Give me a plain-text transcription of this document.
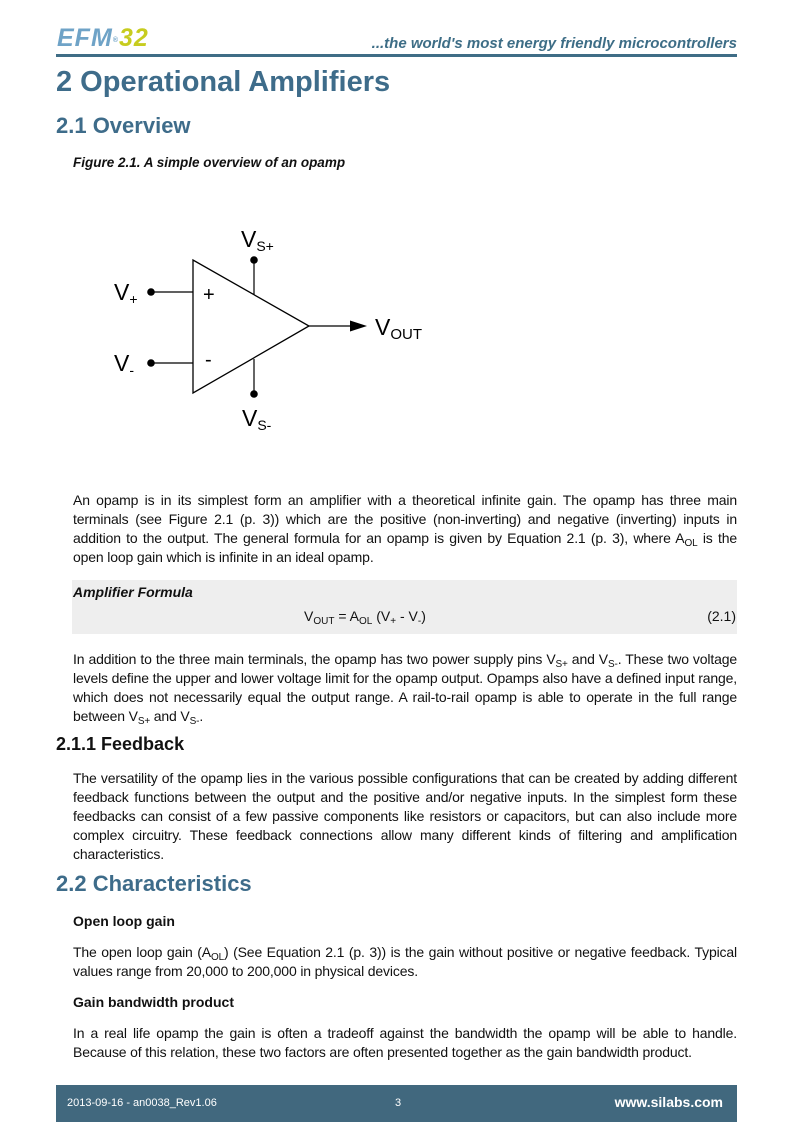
EFM®32	...the world's most energy friendly microcontrollers
2 Operational Amplifiers
2.1 Overview
Figure 2.1. A simple overview of an opamp
+
-
V+
V-
VS+
VS-
VOUT

An opamp is in its simplest form an amplifier with a theoretical infinite gain. The opamp has three main terminals (see Figure 2.1 (p. 3)) which are the positive (non-inverting) and negative (inverting) inputs in addition to the output. The general formula for an opamp is given by Equation 2.1 (p. 3), where $A_{OL}$ is the open loop gain which is infinite in an ideal opamp.

Amplifier Formula
$V_{OUT} = A_{OL}$ $(V_+ - V_-)$	(2.1)

In addition to the three main terminals, the opamp has two power supply pins $V_{S+}$ and $V_{S-}$. These two voltage levels define the upper and lower voltage limit for the opamp output. Opamps also have a defined input range, which does not necessarily equal the output range. A rail-to-rail opamp is able to operate in the full range between $V_{S+}$ and $V_{S-}$.

2.1.1 Feedback

The versatility of the opamp lies in the various possible configurations that can be created by adding different feedback functions between the output and the positive and/or negative inputs. In the simplest form these feedbacks can consist of a few passive components like resistors or capacitors, but can also include more complex circuitry. These feedback connections allow many different kinds of filtering and amplification characteristics.

2.2 Characteristics
Open loop gain

The open loop gain $(A_{OL})$ (See Equation 2.1 (p. 3)) is the gain without positive or negative feedback. Typical values range from 20,000 to 200,000 in physical devices.

Gain bandwidth product

In a real life opamp the gain is often a tradeoff against the bandwidth the opamp will be able to handle. Because of this relation, these two factors are often presented together as the gain bandwidth product.

2013-09-16 - an0038_Rev1.06	3	www.silabs.com
